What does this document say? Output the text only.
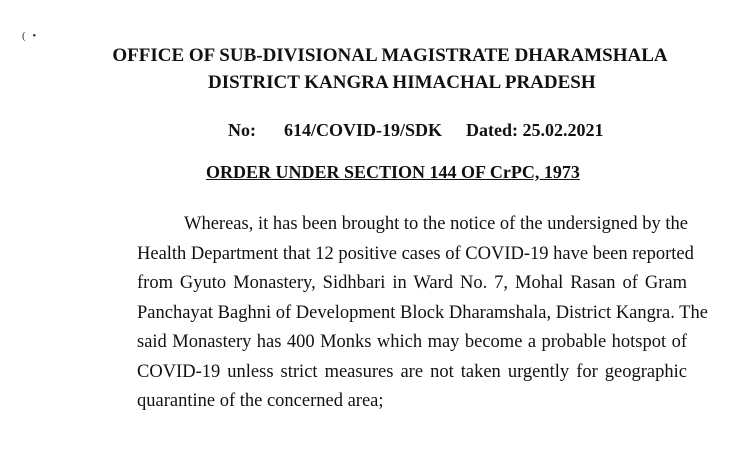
( •
OFFICE OF SUB-DIVISIONAL MAGISTRATE DHARAMSHALA
DISTRICT KANGRA HIMACHAL PRADESH
No: 614/COVID-19/SDK Dated: 25.02.2021
ORDER UNDER SECTION 144 OF CrPC, 1973
Whereas, it has been brought to the notice of the undersigned by the
Health Department that 12 positive cases of COVID-19 have been reported
from Gyuto Monastery, Sidhbari in Ward No. 7, Mohal Rasan of Gram
Panchayat Baghni of Development Block Dharamshala, District Kangra. The
said Monastery has 400 Monks which may become a probable hotspot of
COVID-19 unless strict measures are not taken urgently for geographic
quarantine of the concerned area;
